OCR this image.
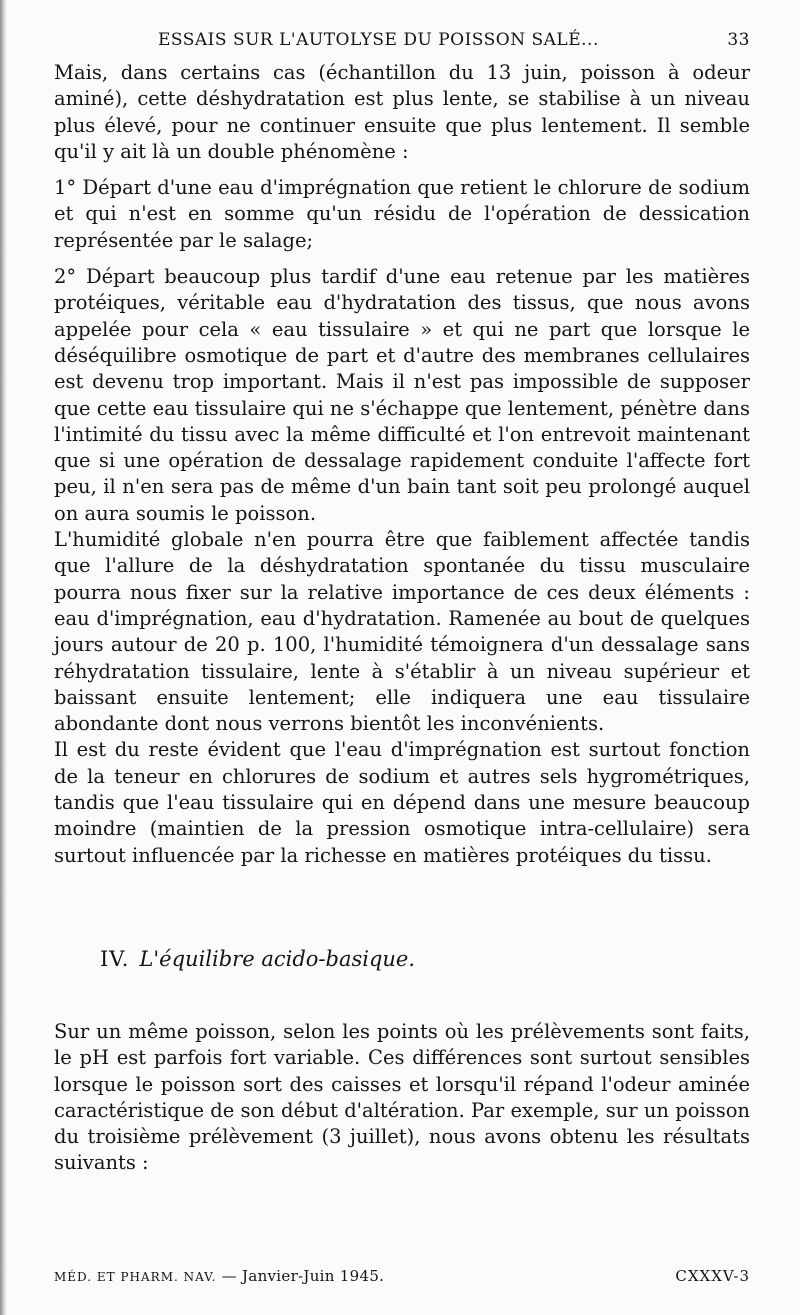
ESSAIS SUR L'AUTOLYSE DU POISSON SALÉ...	33

Mais, dans certains cas (échantillon du 13 juin, poisson à odeur aminé), cette déshydratation est plus lente, se stabilise à un niveau plus élevé, pour ne continuer ensuite que plus lentement. Il semble qu'il y ait là un double phénomène :

1° Départ d'une eau d'imprégnation que retient le chlorure de sodium et qui n'est en somme qu'un résidu de l'opération de dessication représentée par le salage;

2° Départ beaucoup plus tardif d'une eau retenue par les matières protéiques, véritable eau d'hydratation des tissus, que nous avons appelée pour cela « eau tissulaire » et qui ne part que lorsque le déséquilibre osmotique de part et d'autre des membranes cellulaires est devenu trop important. Mais il n'est pas impossible de supposer que cette eau tissulaire qui ne s'échappe que lentement, pénètre dans l'intimité du tissu avec la même difficulté et l'on entrevoit maintenant que si une opération de dessalage rapidement conduite l'affecte fort peu, il n'en sera pas de même d'un bain tant soit peu prolongé auquel on aura soumis le poisson.

L'humidité globale n'en pourra être que faiblement affectée tandis que l'allure de la déshydratation spontanée du tissu musculaire pourra nous fixer sur la relative importance de ces deux éléments : eau d'imprégnation, eau d'hydratation. Ramenée au bout de quelques jours autour de 20 p. 100, l'humidité témoignera d'un dessalage sans réhydratation tissulaire, lente à s'établir à un niveau supérieur et baissant ensuite lentement; elle indiquera une eau tissulaire abondante dont nous verrons bientôt les inconvénients.

Il est du reste évident que l'eau d'imprégnation est surtout fonction de la teneur en chlorures de sodium et autres sels hygrométriques, tandis que l'eau tissulaire qui en dépend dans une mesure beaucoup moindre (maintien de la pression osmotique intra-cellulaire) sera surtout influencée par la richesse en matières protéiques du tissu.

IV. L'équilibre acido-basique.

Sur un même poisson, selon les points où les prélèvements sont faits, le pH est parfois fort variable. Ces différences sont surtout sensibles lorsque le poisson sort des caisses et lorsqu'il répand l'odeur aminée caractéristique de son début d'altération. Par exemple, sur un poisson du troisième prélèvement (3 juillet), nous avons obtenu les résultats suivants :

MÉD. ET PHARM. NAV. — Janvier-Juin 1945.	CXXXV-3
